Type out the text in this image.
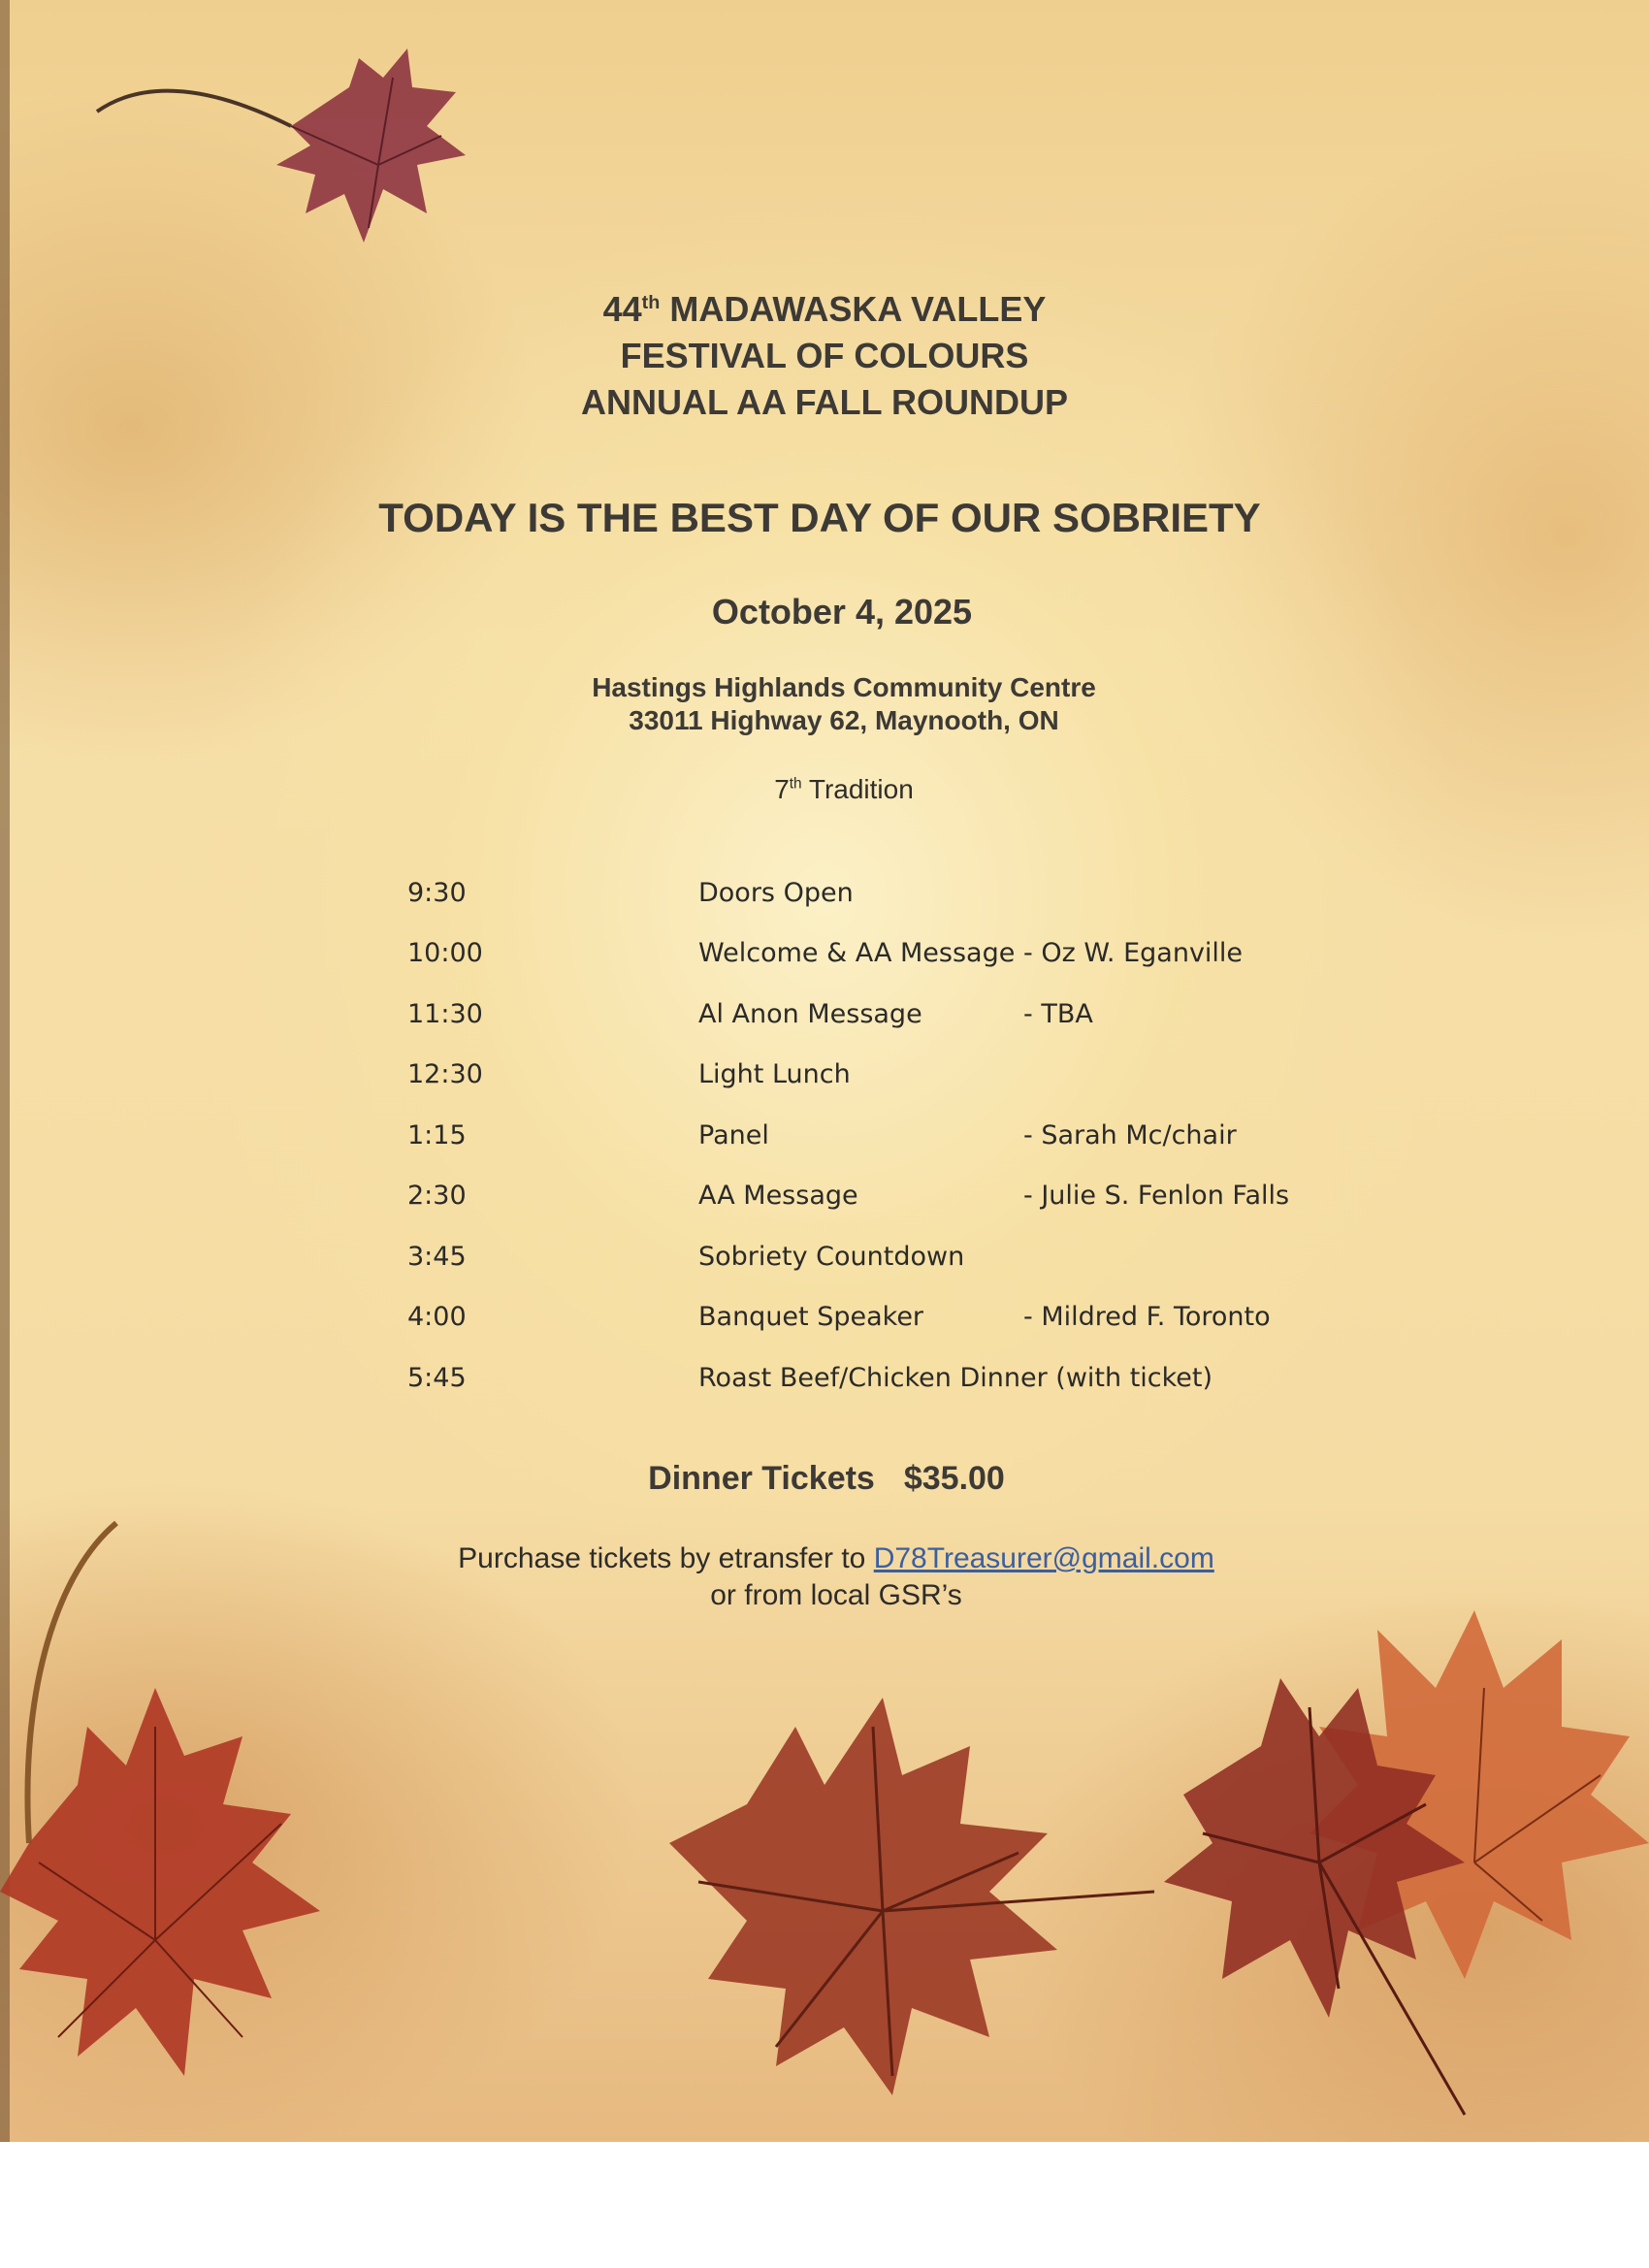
44th MADAWASKA VALLEY
FESTIVAL OF COLOURS
ANNUAL AA FALL ROUNDUP
TODAY IS THE BEST DAY OF OUR SOBRIETY
October 4, 2025
Hastings Highlands Community Centre
33011 Highway 62, Maynooth, ON
7th Tradition
9:30	Doors Open
10:00	Welcome & AA Message - Oz W. Eganville
11:30	Al Anon Message	- TBA
12:30	Light Lunch
1:15	Panel	- Sarah Mc/chair
2:30	AA Message	- Julie S. Fenlon Falls
3:45	Sobriety Countdown
4:00	Banquet Speaker	- Mildred F. Toronto
5:45	Roast Beef/Chicken Dinner (with ticket)
Dinner Tickets $35.00
Purchase tickets by etransfer to D78Treasurer@gmail.com
or from local GSR’s
